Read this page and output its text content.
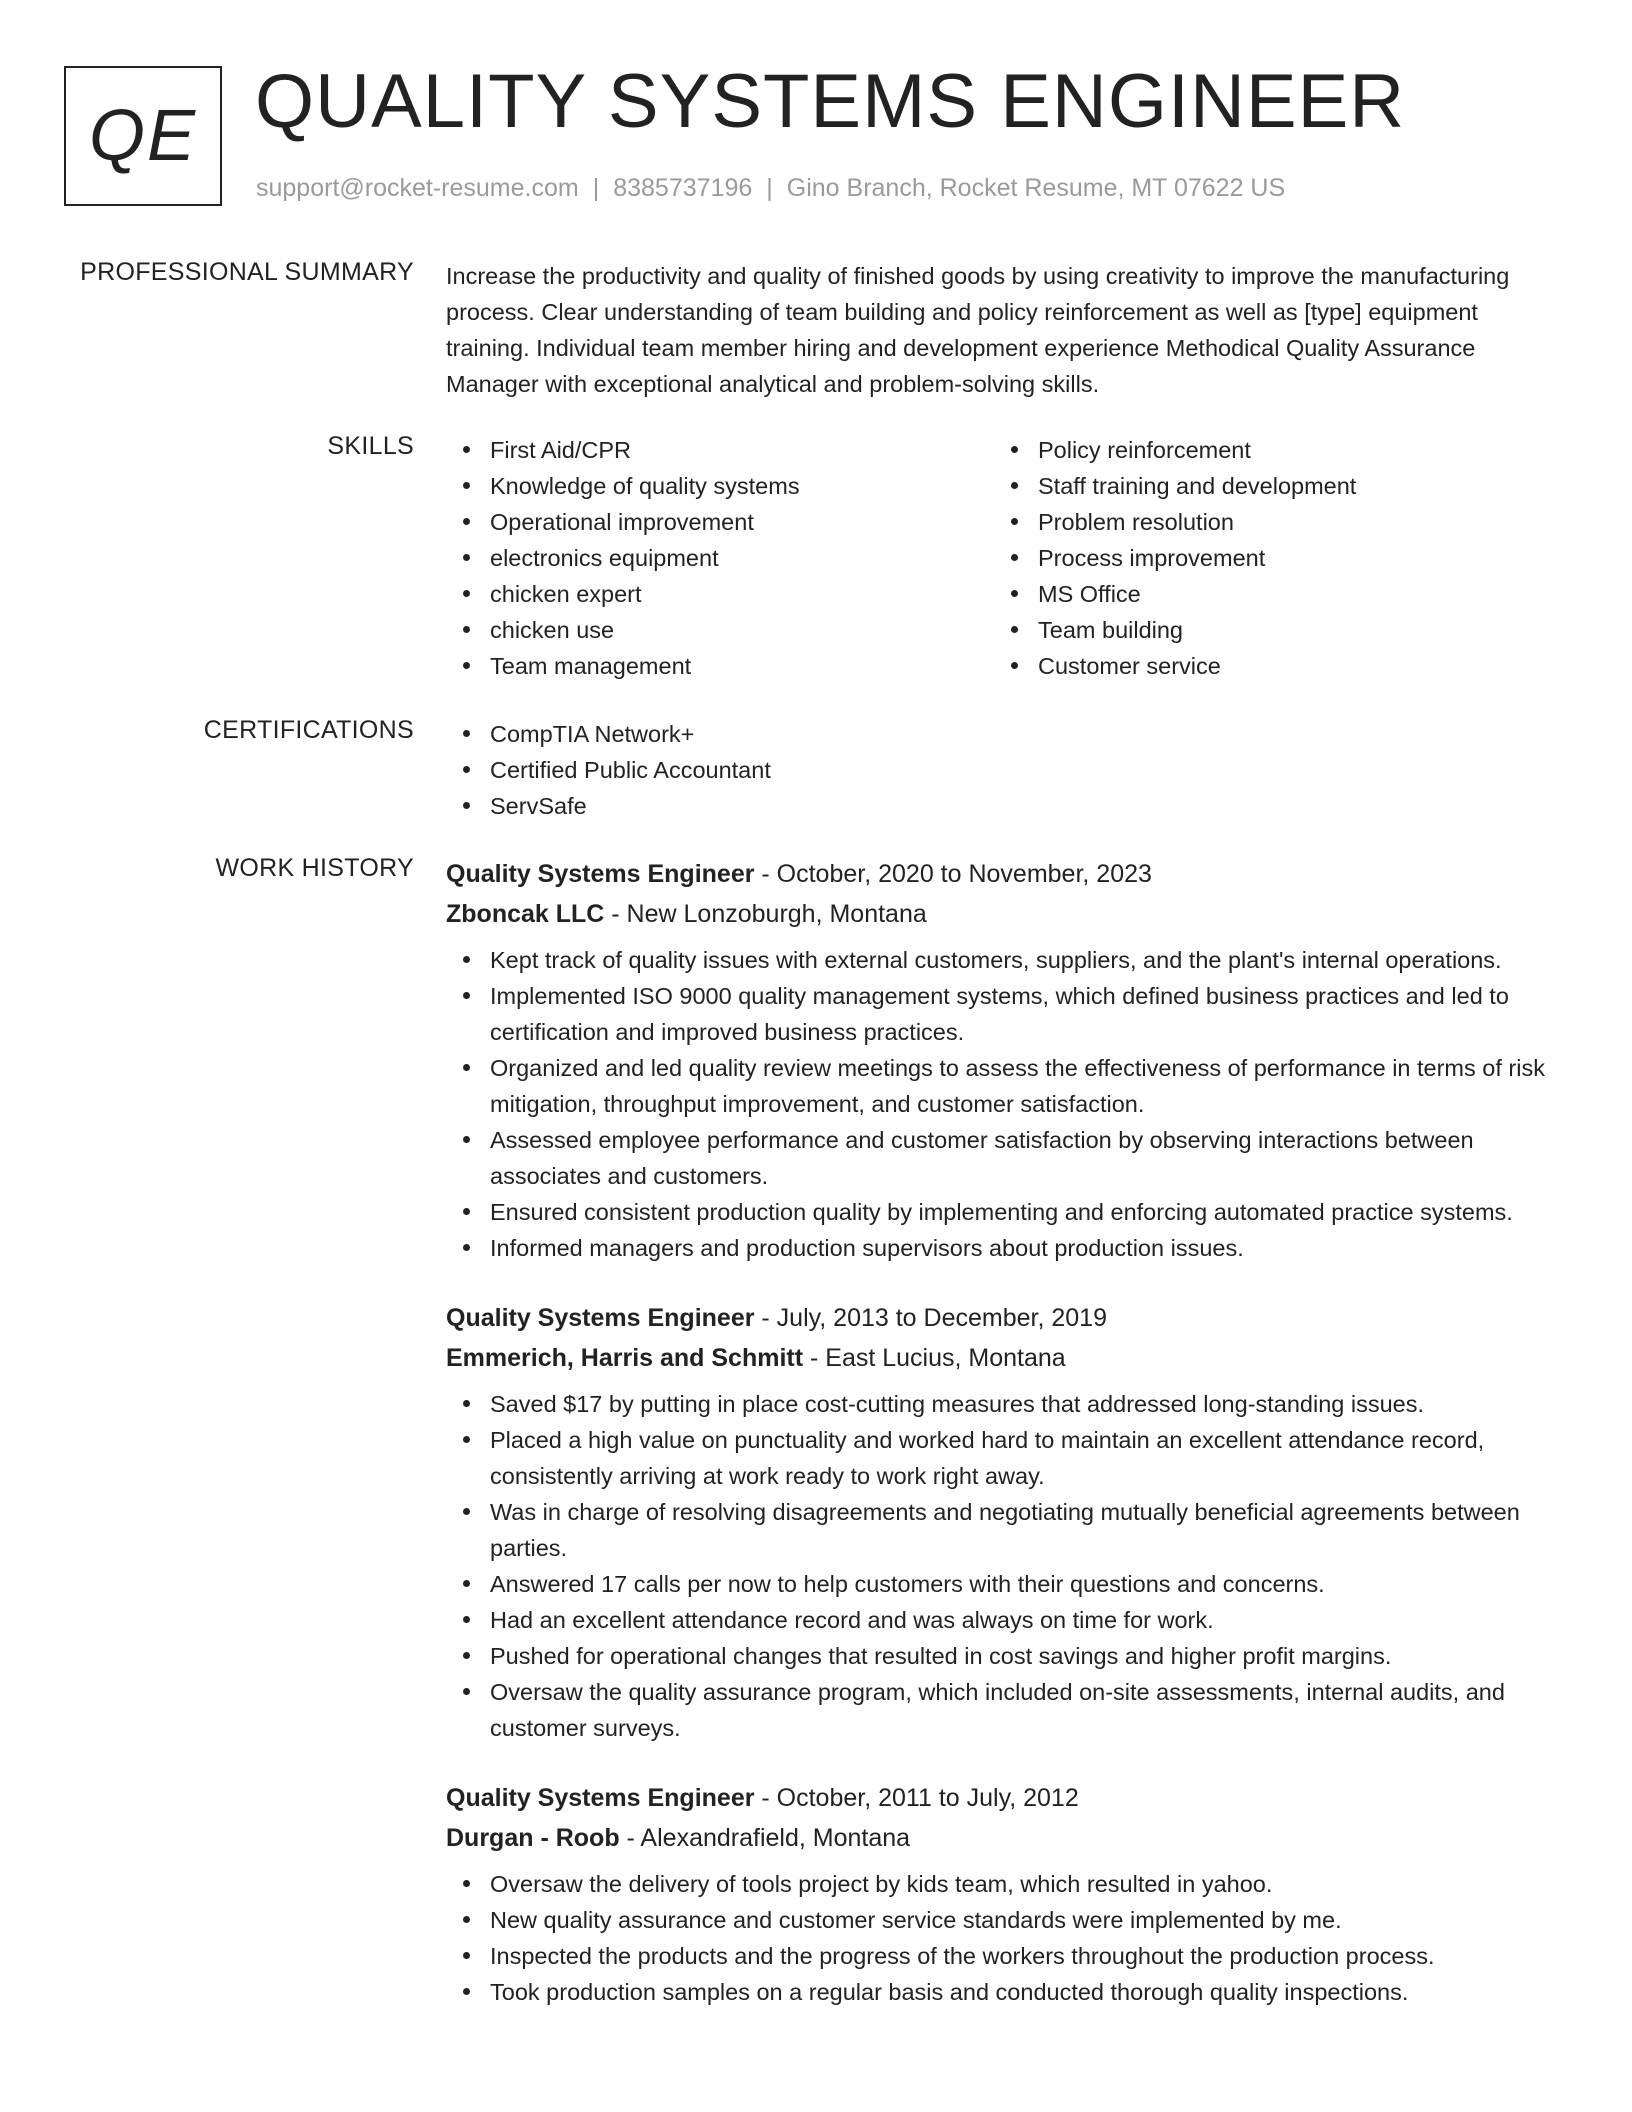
QE QUALITY SYSTEMS ENGINEER
support@rocket-resume.com | 8385737196 | Gino Branch, Rocket Resume, MT 07622 US
PROFESSIONAL SUMMARY Increase the productivity and quality of finished goods by using creativity to improve the manufacturing process. Clear understanding of team building and policy reinforcement as well as [type] equipment training. Individual team member hiring and development experience Methodical Quality Assurance Manager with exceptional analytical and problem-solving skills.

SKILLS	First Aid/CPR
Knowledge of quality systems
Operational improvement
electronics equipment
chicken expert
chicken use
Team management
Policy reinforcement
Staff training and development
Problem resolution
Process improvement
MS Office
Team building
Customer service
CERTIFICATIONS	CompTIA Network+
Certified Public Accountant
ServSafe
WORK HISTORY Quality Systems Engineer - October, 2020 to November, 2023
Zboncak LLC - New Lonzoburgh, Montana
Kept track of quality issues with external customers, suppliers, and the plant's internal operations.
Implemented ISO 9000 quality management systems, which defined business practices and led to certification and improved business practices.
Organized and led quality review meetings to assess the effectiveness of performance in terms of risk mitigation, throughput improvement, and customer satisfaction.
Assessed employee performance and customer satisfaction by observing interactions between associates and customers.
Ensured consistent production quality by implementing and enforcing automated practice systems.
Informed managers and production supervisors about production issues.
Quality Systems Engineer - July, 2013 to December, 2019
Emmerich, Harris and Schmitt - East Lucius, Montana
Saved $17 by putting in place cost-cutting measures that addressed long-standing issues.
Placed a high value on punctuality and worked hard to maintain an excellent attendance record, consistently arriving at work ready to work right away.
Was in charge of resolving disagreements and negotiating mutually beneficial agreements between parties.
Answered 17 calls per now to help customers with their questions and concerns.
Had an excellent attendance record and was always on time for work.
Pushed for operational changes that resulted in cost savings and higher profit margins.
Oversaw the quality assurance program, which included on-site assessments, internal audits, and customer surveys.
Quality Systems Engineer - October, 2011 to July, 2012
Durgan - Roob - Alexandrafield, Montana
Oversaw the delivery of tools project by kids team, which resulted in yahoo.
New quality assurance and customer service standards were implemented by me.
Inspected the products and the progress of the workers throughout the production process.
Took production samples on a regular basis and conducted thorough quality inspections.
